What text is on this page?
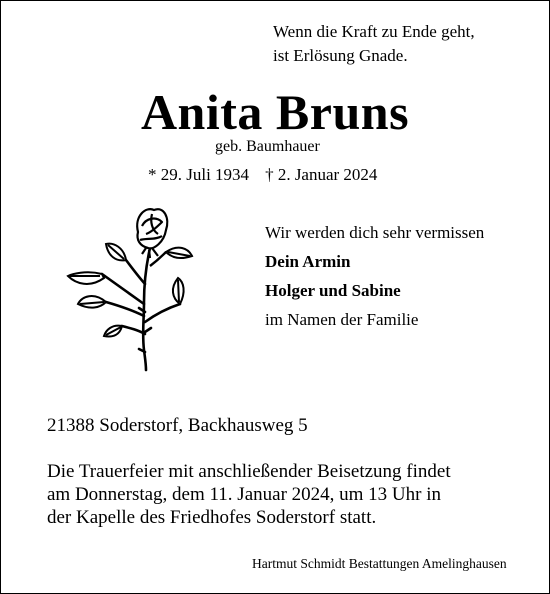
Wenn die Kraft zu Ende geht,
ist Erlösung Gnade.
Anita Bruns
geb. Baumhauer
* 29. Juli 1934 † 2. Januar 2024
Wir werden dich sehr vermissen
Dein Armin
Holger und Sabine
im Namen der Familie
21388 Soderstorf, Backhausweg 5
Die Trauerfeier mit anschließender Beisetzung findet
am Donnerstag, dem 11. Januar 2024, um 13 Uhr in
der Kapelle des Friedhofes Soderstorf statt.
Hartmut Schmidt Bestattungen Amelinghausen
